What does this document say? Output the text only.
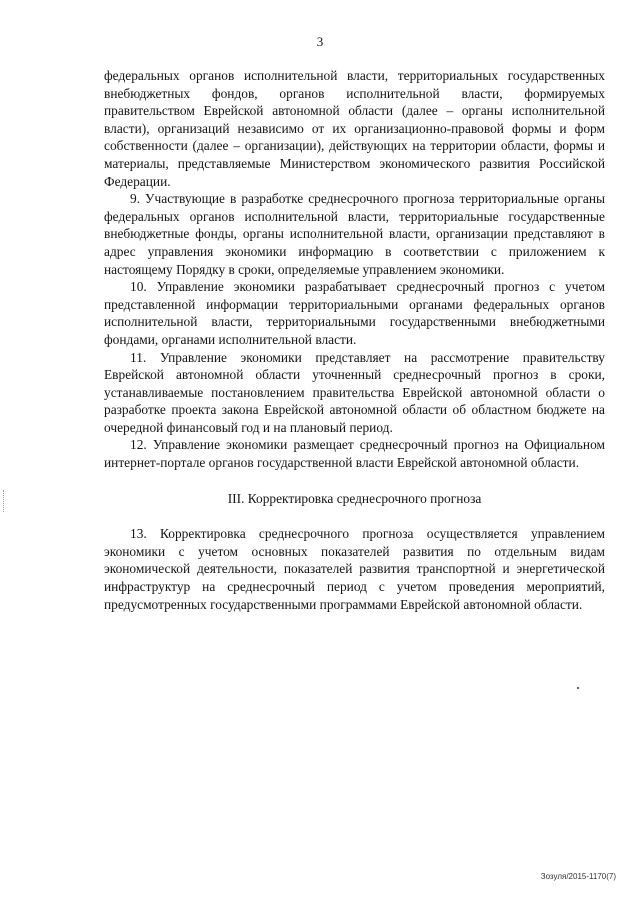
3

федеральных органов исполнительной власти, территориальных государственных внебюджетных фондов, органов исполнительной власти, формируемых правительством Еврейской автономной области (далее – органы исполнительной власти), организаций независимо от их организационно-правовой формы и форм собственности (далее – организации), действующих на территории области, формы и материалы, представляемые Министерством экономического развития Российской Федерации.

9. Участвующие в разработке среднесрочного прогноза территориальные органы федеральных органов исполнительной власти, территориальные государственные внебюджетные фонды, органы исполнительной власти, организации представляют в адрес управления экономики информацию в соответствии с приложением к настоящему Порядку в сроки, определяемые управлением экономики.

10. Управление экономики разрабатывает среднесрочный прогноз с учетом представленной информации территориальными органами федеральных органов исполнительной власти, территориальными государственными внебюджетными фондами, органами исполнительной власти.

11. Управление экономики представляет на рассмотрение правительству Еврейской автономной области уточненный среднесрочный прогноз в сроки, устанавливаемые постановлением правительства Еврейской автономной области о разработке проекта закона Еврейской автономной области об областном бюджете на очередной финансовый год и на плановый период.

12. Управление экономики размещает среднесрочный прогноз на Официальном интернет-портале органов государственной власти Еврейской автономной области.

III. Корректировка среднесрочного прогноза

13. Корректировка среднесрочного прогноза осуществляется управлением экономики с учетом основных показателей развития по отдельным видам экономической деятельности, показателей развития транспортной и энергетической инфраструктур на среднесрочный период с учетом проведения мероприятий, предусмотренных государственными программами Еврейской автономной области.

Зозуля/2015-1170(7)
